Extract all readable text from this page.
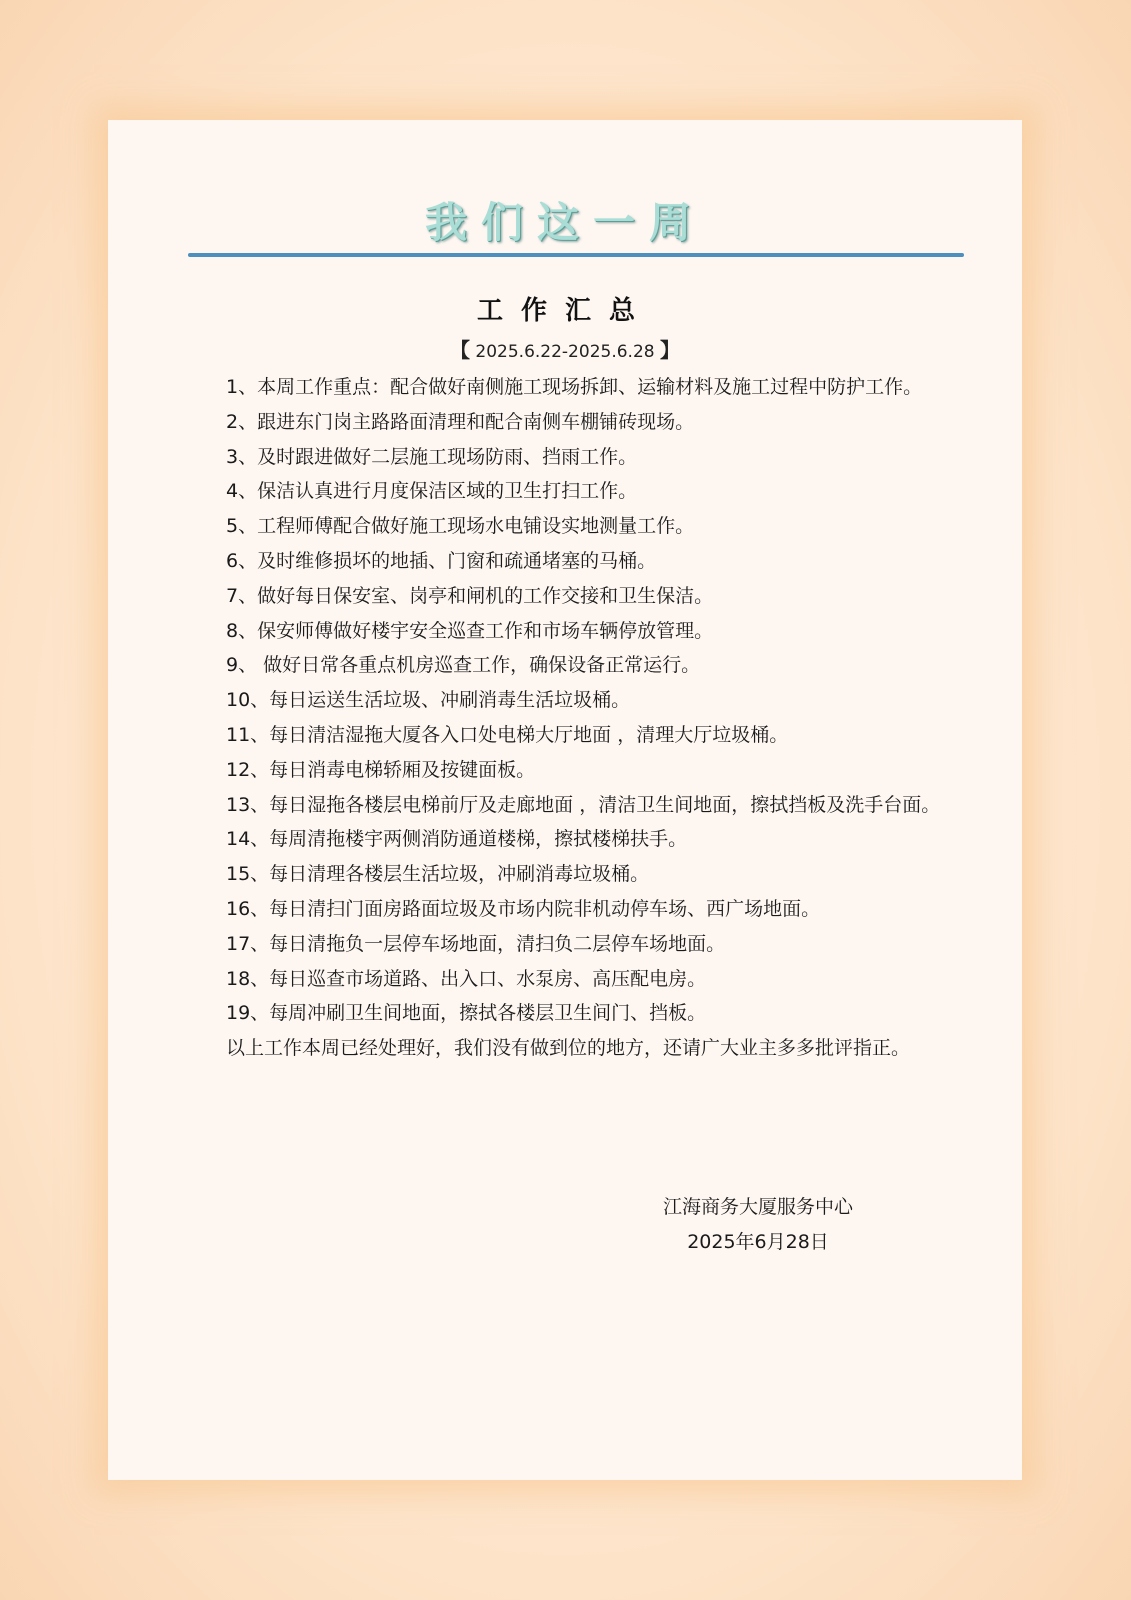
我们这一周
工作汇总
【 2025.6.22-2025.6.28 】

1、本周工作重点：配合做好南侧施工现场拆卸、运输材料及施工过程中防护工作。

2、跟进东门岗主路路面清理和配合南侧车棚铺砖现场。

3、及时跟进做好二层施工现场防雨、挡雨工作。

4、保洁认真进行月度保洁区域的卫生打扫工作。

5、工程师傅配合做好施工现场水电铺设实地测量工作。

6、及时维修损坏的地插、门窗和疏通堵塞的马桶。

7、做好每日保安室、岗亭和闸机的工作交接和卫生保洁。

8、保安师傅做好楼宇安全巡查工作和市场车辆停放管理。

9、 做好日常各重点机房巡查工作，确保设备正常运行。

10、每日运送生活垃圾、冲刷消毒生活垃圾桶。

11、每日清洁湿拖大厦各入口处电梯大厅地面 ，清理大厅垃圾桶。

12、每日消毒电梯轿厢及按键面板。

13、每日湿拖各楼层电梯前厅及走廊地面 ，清洁卫生间地面，擦拭挡板及洗手台面。

14、每周清拖楼宇两侧消防通道楼梯，擦拭楼梯扶手。

15、每日清理各楼层生活垃圾，冲刷消毒垃圾桶。

16、每日清扫门面房路面垃圾及市场内院非机动停车场、西广场地面。

17、每日清拖负一层停车场地面，清扫负二层停车场地面。

18、每日巡查市场道路、出入口、水泵房、高压配电房。

19、每周冲刷卫生间地面，擦拭各楼层卫生间门、挡板。

以上工作本周已经处理好，我们没有做到位的地方，还请广大业主多多批评指正。

江海商务大厦服务中心
2025年6月28日
